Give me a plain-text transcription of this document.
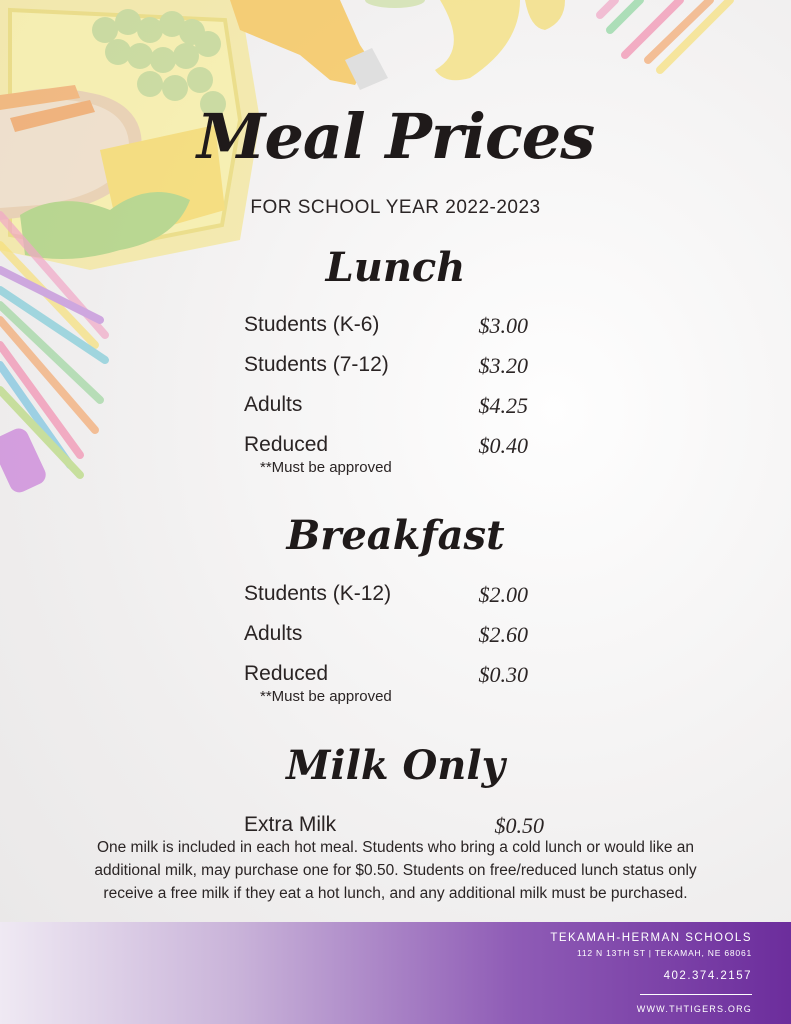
Meal Prices
FOR SCHOOL YEAR 2022-2023
Lunch
Students (K-6)	$3.00
Students (7-12)	$3.20
Adults	$4.25
Reduced	$0.40
**Must be approved
Breakfast
Students (K-12)	$2.00
Adults	$2.60
Reduced	$0.30
**Must be approved
Milk Only
Extra Milk	$0.50
One milk is included in each hot meal. Students who bring a cold lunch or would like an
additional milk, may purchase one for $0.50. Students on free/reduced lunch status only
receive a free milk if they eat a hot lunch, and any additional milk must be purchased.
TEKAMAH-HERMAN SCHOOLS
112 N 13TH ST | TEKAMAH, NE 68061
402.374.2157
WWW.THTIGERS.ORG
